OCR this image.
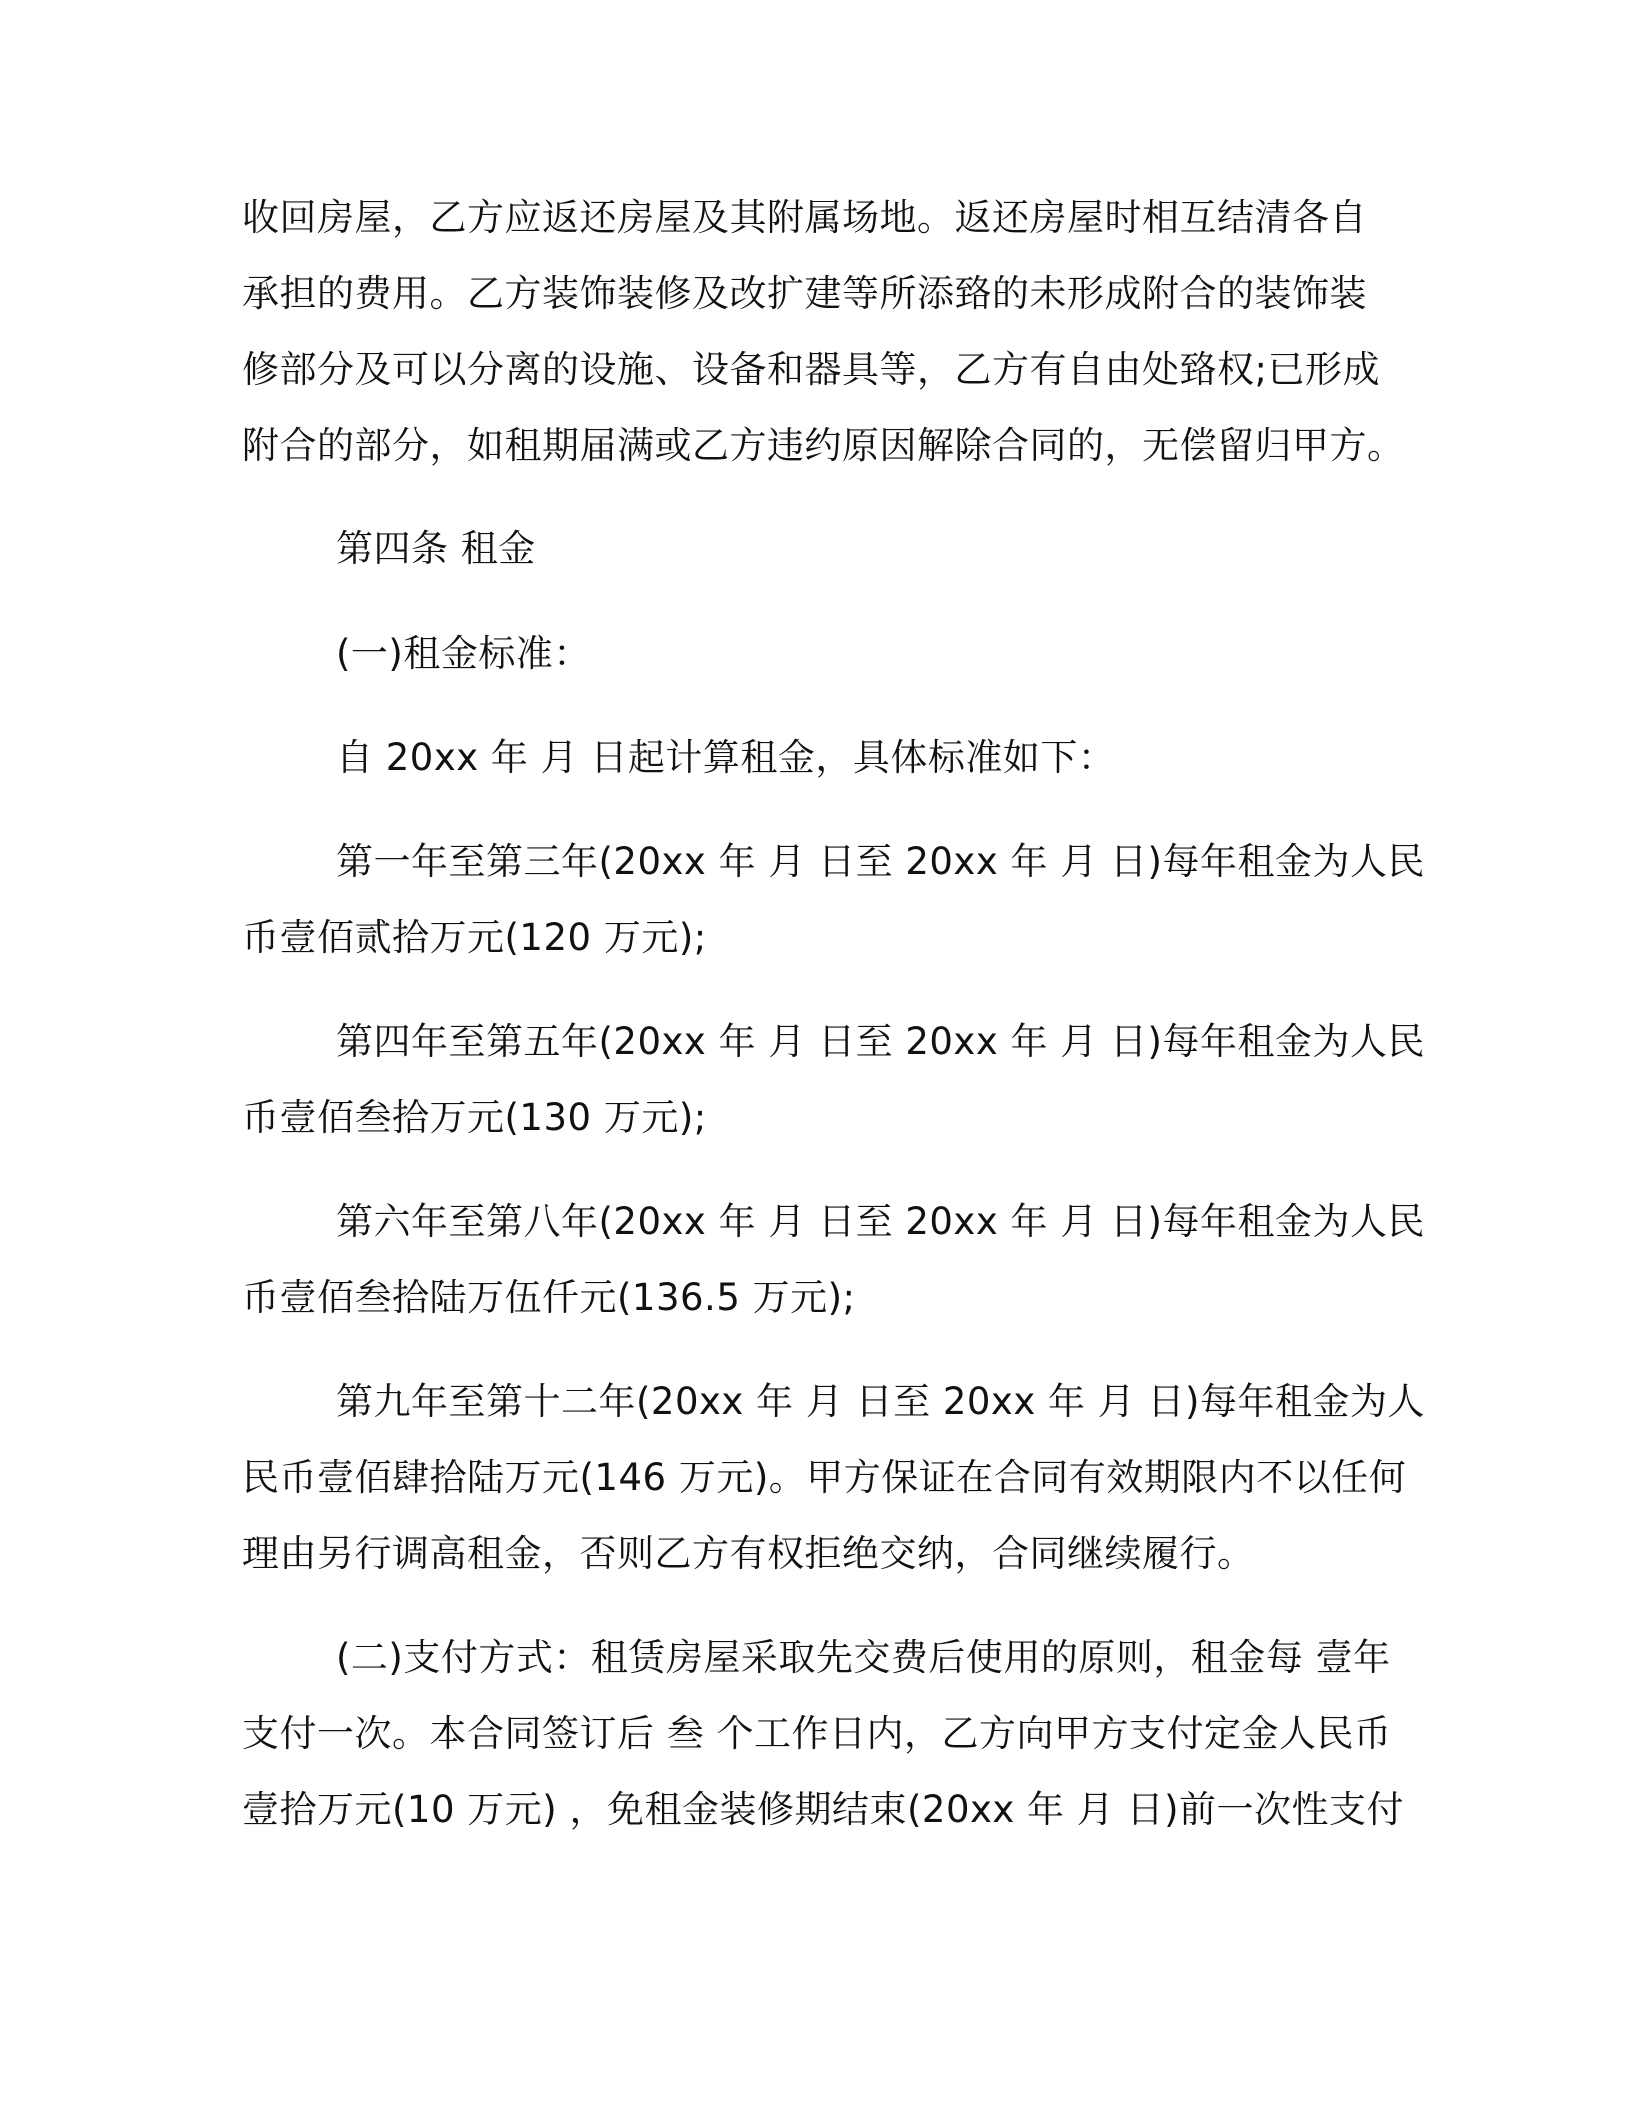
收回房屋，乙方应返还房屋及其附属场地。返还房屋时相互结清各自
承担的费用。乙方装饰装修及改扩建等所添臵的未形成附合的装饰装
修部分及可以分离的设施、设备和器具等，乙方有自由处臵权;已形成
附合的部分，如租期届满或乙方违约原因解除合同的，无偿留归甲方。
第四条 租金
(一)租金标准：
自 20xx 年 月 日起计算租金，具体标准如下：
第一年至第三年(20xx 年 月 日至 20xx 年 月 日)每年租金为人民
币壹佰贰拾万元(120 万元);
第四年至第五年(20xx 年 月 日至 20xx 年 月 日)每年租金为人民
币壹佰叁拾万元(130 万元);
第六年至第八年(20xx 年 月 日至 20xx 年 月 日)每年租金为人民
币壹佰叁拾陆万伍仟元(136.5 万元);
第九年至第十二年(20xx 年 月 日至 20xx 年 月 日)每年租金为人
民币壹佰肆拾陆万元(146 万元)。甲方保证在合同有效期限内不以任何
理由另行调高租金，否则乙方有权拒绝交纳，合同继续履行。
(二)支付方式：租赁房屋采取先交费后使用的原则，租金每 壹年
支付一次。本合同签订后 叁 个工作日内，乙方向甲方支付定金人民币
壹拾万元(10 万元) ，免租金装修期结束(20xx 年 月 日)前一次性支付
